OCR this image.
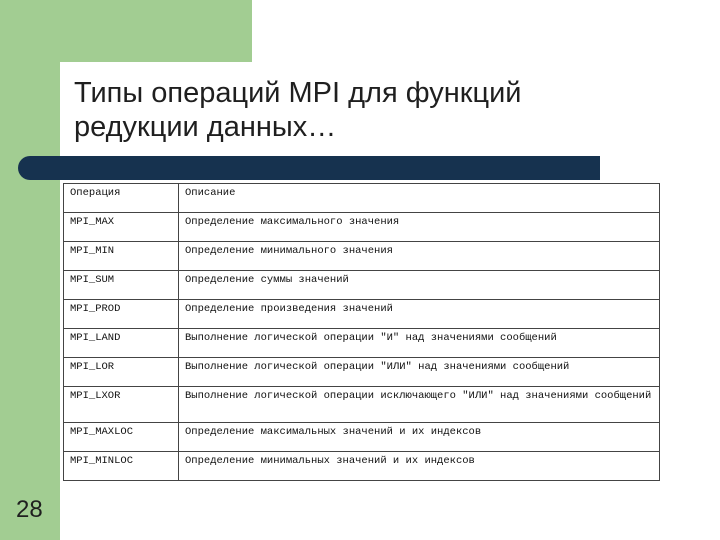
Типы операций MPI для функций
редукции данных…
Операция	Описание
MPI_MAX	Определение максимального значения
MPI_MIN	Определение минимального значения
MPI_SUM	Определение суммы значений
MPI_PROD	Определение произведения значений
MPI_LAND	Выполнение логической операции "И" над значениями сообщений
MPI_LOR	Выполнение логической операции "ИЛИ" над значениями сообщений
MPI_LXOR	Выполнение логической операции исключающего "ИЛИ" над значениями сообщений
MPI_MAXLOC	Определение максимальных значений и их индексов
MPI_MINLOC	Определение минимальных значений и их индексов
28
